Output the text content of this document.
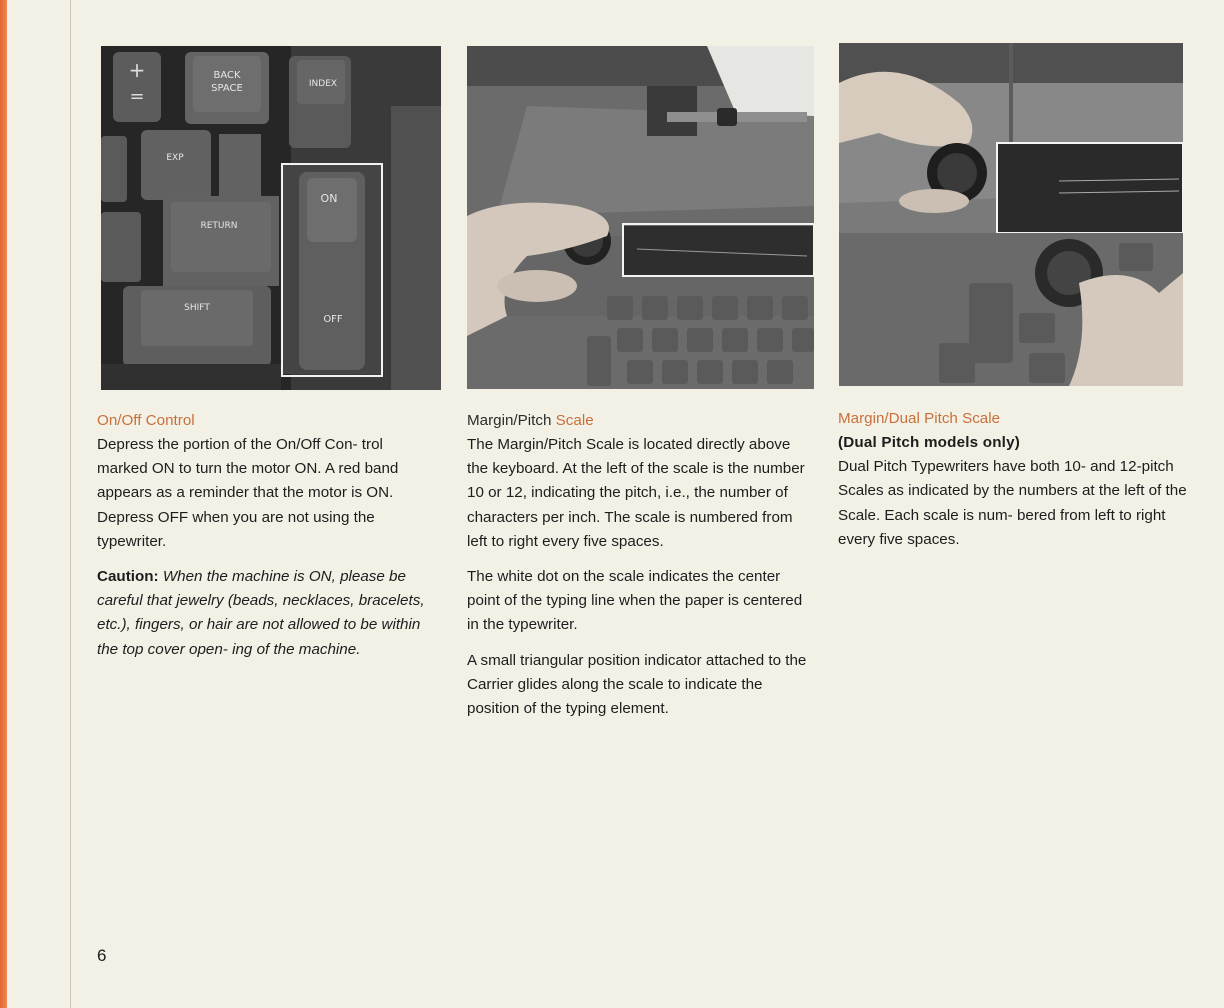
+
=
BACK
SPACE	INDEX
EXP
RETURN
SHIFT
ON
OFF
On/Off Control

Depress the portion of the On/Off Con- trol marked ON to turn the motor ON. A red band appears as a reminder that the motor is ON. Depress OFF when you are not using the typewriter.

Caution: When the machine is ON, please be careful that jewelry (beads, necklaces, bracelets, etc.), fingers, or hair are not allowed to be within the top cover open- ing of the machine.

Margin/Pitch Scale

The Margin/Pitch Scale is located directly above the keyboard. At the left of the scale is the number 10 or 12, indicating the pitch, i.e., the number of characters per inch. The scale is numbered from left to right every five spaces.

The white dot on the scale indicates the center point of the typing line when the paper is centered in the typewriter.

A small triangular position indicator attached to the Carrier glides along the scale to indicate the position of the typing element.

Margin/Dual Pitch Scale
(Dual Pitch models only)

Dual Pitch Typewriters have both 10- and 12-pitch Scales as indicated by the numbers at the left of the Scale. Each scale is num- bered from left to right every five spaces.

6
